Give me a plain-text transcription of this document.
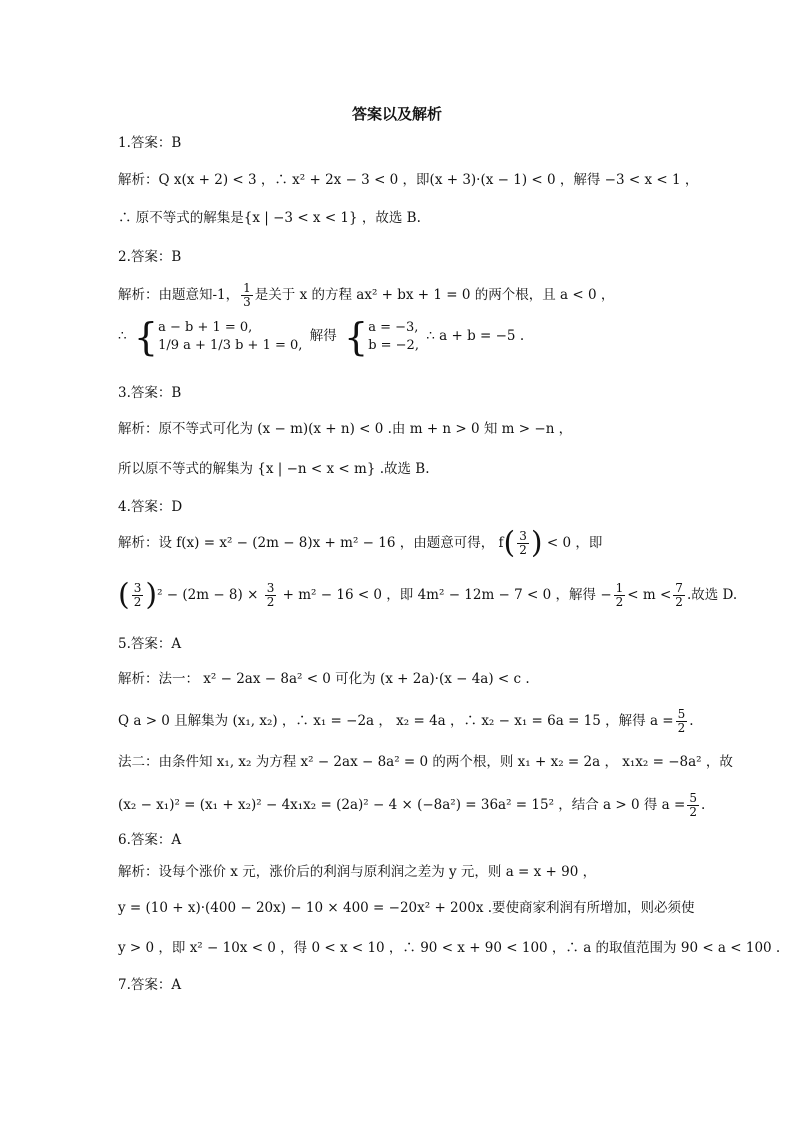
答案以及解析
1.答案：B
解析：Q x(x + 2) < 3 ，∴ x² + 2x − 3 < 0 ，即(x + 3)·(x − 1) < 0 ，解得 −3 < x < 1 ，
∴ 原不等式的解集是{x | −3 < x < 1} ，故选 B.
2.答案：B
解析：由题意知-1， $\frac{1}{3}$ 是关于 x 的方程 ax² + bx + 1 = 0 的两个根，且 a < 0 ，
∴ { a − b + 1 = 0,
1/9 a + 1/3 b + 1 = 0,
解得 { a = −3,
b = −2,
∴ a + b = −5 .
3.答案：B
解析：原不等式可化为 (x − m)(x + n) < 0 .由 m + n > 0 知 m > −n ，
所以原不等式的解集为 {x | −n < x < m} .故选 B.
4.答案：D
解析：设 f(x) = x² − (2m − 8)x + m² − 16 ，由题意可得， $f( \frac{3}{2}$ ) < 0 ，即
( $\frac{3}{2} )^2 - (2m - 8) \times \frac{3}{2} + m^2 - 16 < 0$ ，即 4m² − 12m − 7 < 0 ，解得 − $\frac{1}{2} < m < \frac{7}{2}$ .故选 D.
5.答案：A
解析：法一： x² − 2ax − 8a² < 0 可化为 (x + 2a)·(x − 4a) < c .
Q a > 0 且解集为 (x₁, x₂) ，∴ x₁ = −2a ， x₂ = 4a ，∴ x₂ − x₁ = 6a = 15 ，解得 $a = \frac{5}{2}$ .
法二：由条件知 x₁, x₂ 为方程 x² − 2ax − 8a² = 0 的两个根，则 x₁ + x₂ = 2a ， x₁x₂ = −8a² ，故
(x₂ − x₁)² = (x₁ + x₂)² − 4x₁x₂ = (2a)² − 4 × (−8a²) = 36a² = 15² ，结合 a > 0 得 $a = \frac{5}{2}$ .
6.答案：A
解析：设每个涨价 x 元，涨价后的利润与原利润之差为 y 元，则 a = x + 90 ，
y = (10 + x)·(400 − 20x) − 10 × 400 = −20x² + 200x .要使商家利润有所增加，则必须使
y > 0 ，即 x² − 10x < 0 ，得 0 < x < 10 ，∴ 90 < x + 90 < 100 ，∴ a 的取值范围为 90 < a < 100 .
7.答案：A
